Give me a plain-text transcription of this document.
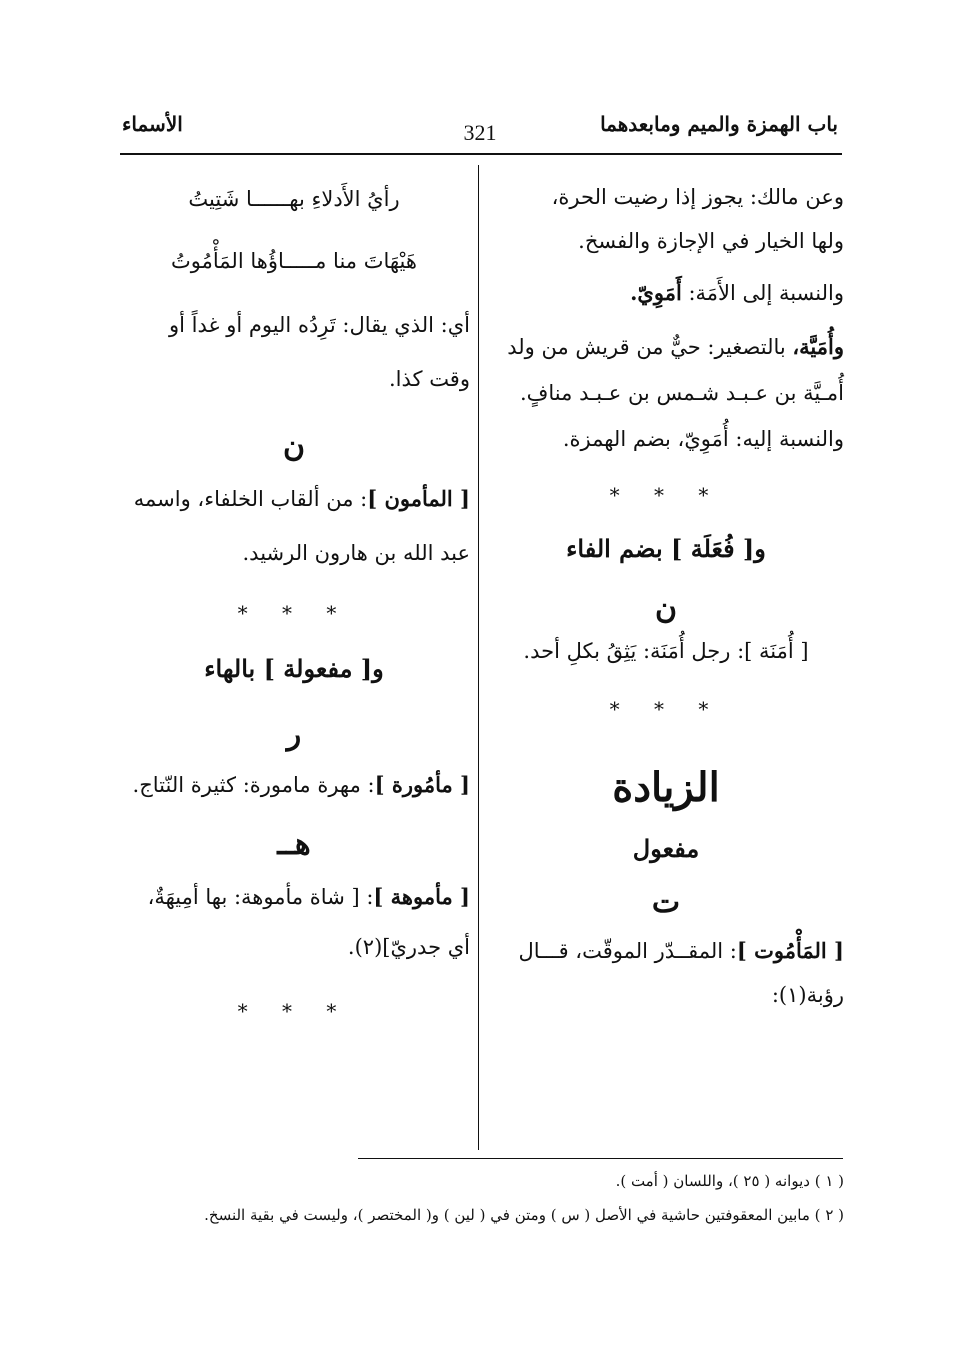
باب الهمزة والميم ومابعدهما
321
الأسماء

وعن مالك: يجوز إذا رضيت الحرة،

ولها الخيار في الإجازة والفسخ.

والنسبة إلى الأَمَة: أَمَوِيّ.

وأُمَيَّة، بالتصغير: حيٌّ من قريش من ولد

أُمـيَّة بن عـبـد شـمس بن عـبـد منافٍ.

والنسبة إليه: أُمَوِيّ، بضم الهمزة.

* * *

و[ فُعَلَة ] بضم الفاء

ن

[ أُمَنَة ]: رجل أُمَنَة: يَثِقُ بكلِ أحد.

* * *

الزيادة

مفعول

ت

[ المَأْمُوت ]: المقــدّر الموقّت، قـــال

رؤبة(١):

رأيُ الأَدلاءِ بهــــــا شَتِيتُ

هَيْهَاتَ منا مـــــاؤُها المَأْمُوتُ

أي: الذي يقال: تَرِدُه اليوم أو غداً أو

وقت كذا.

ن

[ المأمون ]: من ألقاب الخلفاء، واسمه

عبد الله بن هارون الرشيد.

* * *

و[ مفعولة ] بالهاء

ر

[ مأمُورة ]: مهرة مامورة: كثيرة النّتاج.

هــ

[ مأموهة ]: [ شاة مأموهة: بها أمِيهَةٌ،

أي جدريّ](٢).

* * *

( ١ ) ديوانه ( ٢٥ )، واللسان ( أمت ).
( ٢ ) مابين المعقوفتين حاشية في الأصل ( س ) ومتن في ( لين ) و( المختصر )، وليست في بقية النسخ.
